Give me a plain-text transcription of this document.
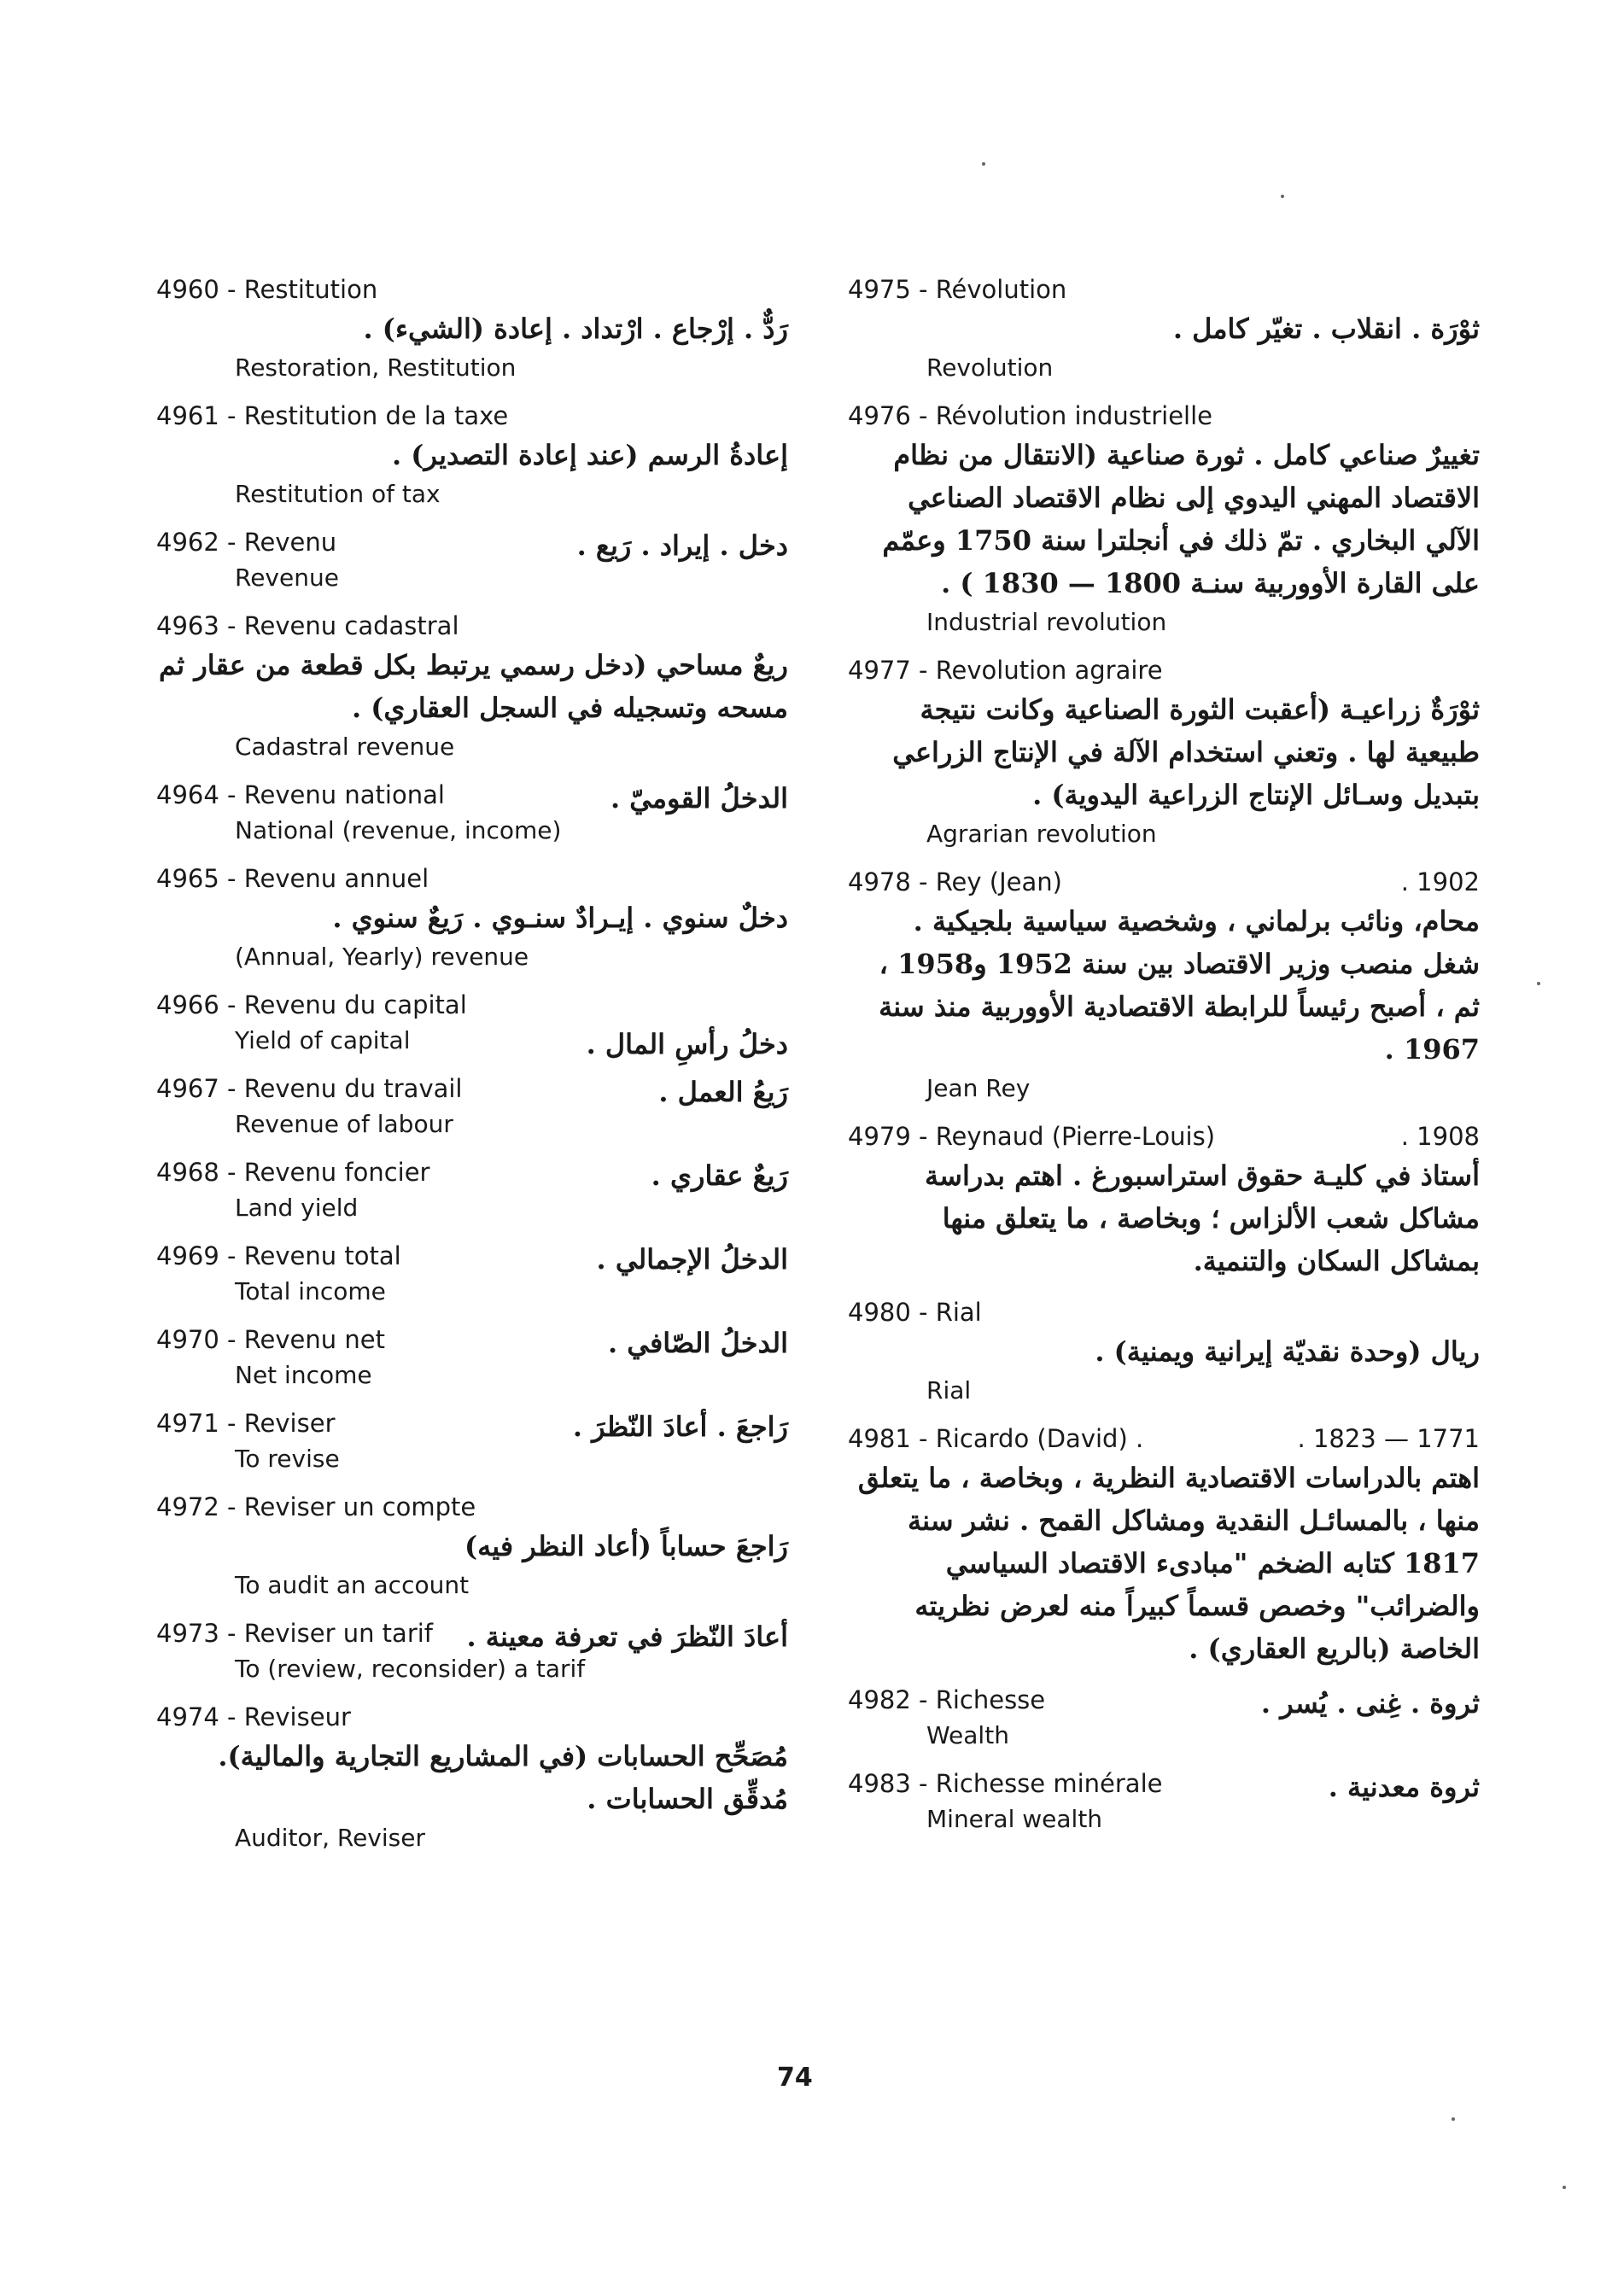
4960 - Restitution
رَدٌّ . إرْجاع . ارْتداد . إعادة (الشيء) .
Restoration, Restitution
4961 - Restitution de la taxe
إعادةُ الرسم (عند إعادة التصدير) .
Restitution of tax
4962 - Revenu	دخل . إيراد . رَيع .
Revenue
4963 - Revenu cadastral
ريعٌ مساحي (دخل رسمي يرتبط بكل قطعة من عقار ثم مسحه وتسجيله في السجل العقاري) .
Cadastral revenue
4964 - Revenu national	الدخلُ القوميّ .
National (revenue, income)
4965 - Revenu annuel
دخلٌ سنوي . إيـرادٌ سنـوي . رَيعٌ سنوي .
(Annual, Yearly) revenue
4966 - Revenu du capital
دخلُ رأسِ المال .
Yield of capital
4967 - Revenu du travail	رَيعُ العمل .
Revenue of labour
4968 - Revenu foncier	رَيعٌ عقاري .
Land yield
4969 - Revenu total	الدخلُ الإجمالي .
Total income
4970 - Revenu net	الدخلُ الصّافي .
Net income
4971 - Reviser	رَاجعَ . أعادَ النّظرَ .
To revise
4972 - Reviser un compte
رَاجعَ حساباً (أعاد النظر فيه)
To audit an account
4973 - Reviser un tarif	أعادَ النّظرَ في تعرفة معينة .
To (review, reconsider) a tarif
4974 - Reviseur
مُصَحِّح الحسابات (في المشاريع التجارية والمالية). مُدقِّق الحسابات .
Auditor, Reviser
4975 - Révolution
ثوْرَة . انقلاب . تغيّر كامل .
Revolution
4976 - Révolution industrielle
تغييرٌ صناعي كامل . ثورة صناعية (الانتقال من نظام الاقتصاد المهني اليدوي إلى نظام الاقتصاد الصناعي الآلي البخاري . تمّ ذلك في أنجلترا سنة 1750 وعمّم على القارة الأووربية سنـة 1800 — 1830 ) .
Industrial revolution
4977 - Revolution agraire
ثوْرَةٌ زراعيـة (أعقبت الثورة الصناعية وكانت نتيجة طبيعية لها . وتعني استخدام الآلة في الإنتاج الزراعي بتبديل وسـائل الإنتاج الزراعية اليدوية) .
Agrarian revolution
4978 - Rey (Jean)	. 1902
محام، ونائب برلماني ، وشخصية سياسية بلجيكية . شغل منصب وزير الاقتصاد بين سنة 1952 و1958 ، ثم ، أصبح رئيساً للرابطة الاقتصادية الأووربية منذ سنة 1967 .
Jean Rey
4979 - Reynaud (Pierre-Louis)	. 1908
أستاذ في كليـة حقوق استراسبورغ . اهتم بدراسة مشاكل شعب الألزاس ؛ وبخاصة ، ما يتعلق منها بمشاكل السكان والتنمية.
4980 - Rial
ريال (وحدة نقديّة إيرانية ويمنية) .
Rial
4981 - Ricardo (David) .	. 1823 — 1771
اهتم بالدراسات الاقتصادية النظرية ، وبخاصة ، ما يتعلق منها ، بالمسائـل النقدية ومشاكل القمح . نشر سنة 1817 كتابه الضخم "مبادىء الاقتصاد السياسي والضرائب" وخصص قسماً كبيراً منه لعرض نظريته الخاصة (بالريع العقاري) .
4982 - Richesse	ثروة . غِنى . يُسر .
Wealth
4983 - Richesse minérale	ثروة معدنية .
Mineral wealth
74
